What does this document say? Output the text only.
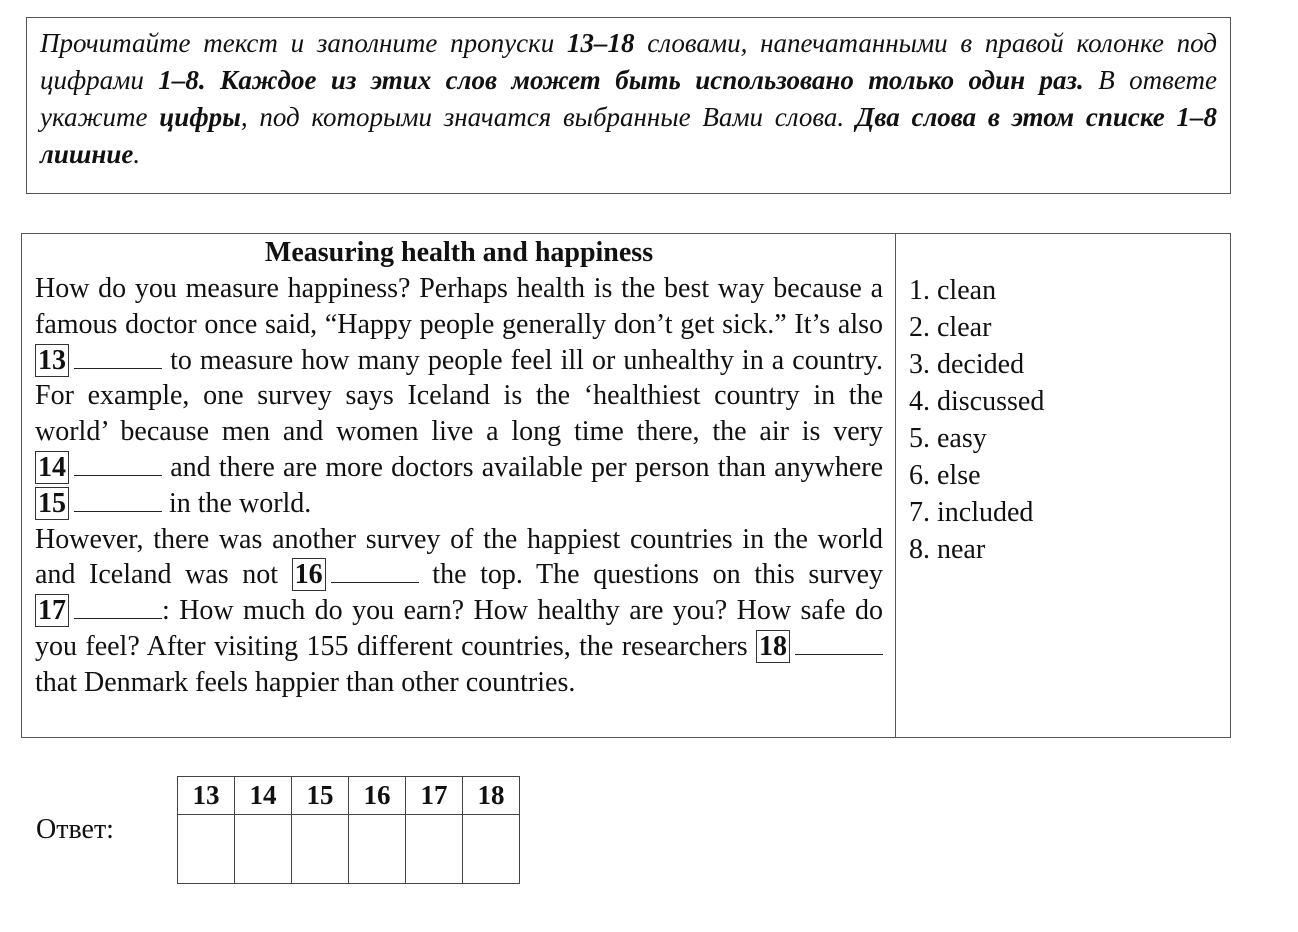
Прочитайте текст и заполните пропуски 13–18 словами, напечатанными в правой колонке под цифрами 1–8. Каждое из этих слов может быть использовано только один раз. В ответе укажите цифры, под которыми значатся выбранные Вами слова. Два слова в этом списке 1–8 лишние.
Measuring health and happiness
How do you measure happiness? Perhaps health is the best way because a famous doctor once said, “Happy people generally don’t get sick.” It’s also 13	to measure how many people feel ill or unhealthy in a country. For example, one survey says Iceland is the ‘healthiest country in the world’ because men and women live a long time there, the air is very 14	and there are more doctors available per person than anywhere 15	in the world.
However, there was another survey of the happiest countries in the world and Iceland was not 16	the top. The questions on this survey 17	: How much do you earn? How healthy are you? How safe do you feel? After visiting 155 different countries, the researchers 18 that Denmark feels happier than other countries.
1. clean
2. clear
3. decided
4. discussed
5. easy
6. else
7. included
8. near
Ответ:
13	14	15	16	17	18
